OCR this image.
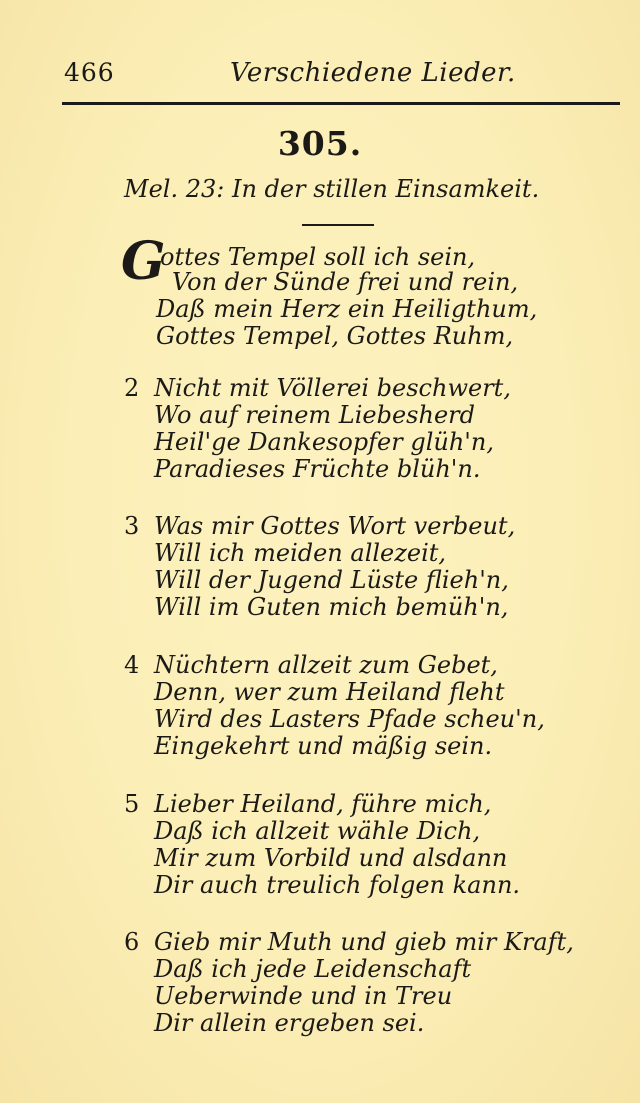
466	Verschiedene Lieder.
305.
Mel. 23: In der stillen Einsamkeit.
G
ottes Tempel soll ich sein,
Von der Sünde frei und rein,
Daß mein Herz ein Heiligthum,
Gottes Tempel, Gottes Ruhm,
2 Nicht mit Völlerei beschwert,
Wo auf reinem Liebesherd
Heil'ge Dankesopfer glüh'n,
Paradieses Früchte blüh'n.
3 Was mir Gottes Wort verbeut,
Will ich meiden allezeit,
Will der Jugend Lüste flieh'n,
Will im Guten mich bemüh'n,
4 Nüchtern allzeit zum Gebet,
Denn, wer zum Heiland fleht
Wird des Lasters Pfade scheu'n,
Eingekehrt und mäßig sein.
5 Lieber Heiland, führe mich,
Daß ich allzeit wähle Dich,
Mir zum Vorbild und alsdann
Dir auch treulich folgen kann.
6 Gieb mir Muth und gieb mir Kraft,
Daß ich jede Leidenschaft
Ueberwinde und in Treu
Dir allein ergeben sei.
